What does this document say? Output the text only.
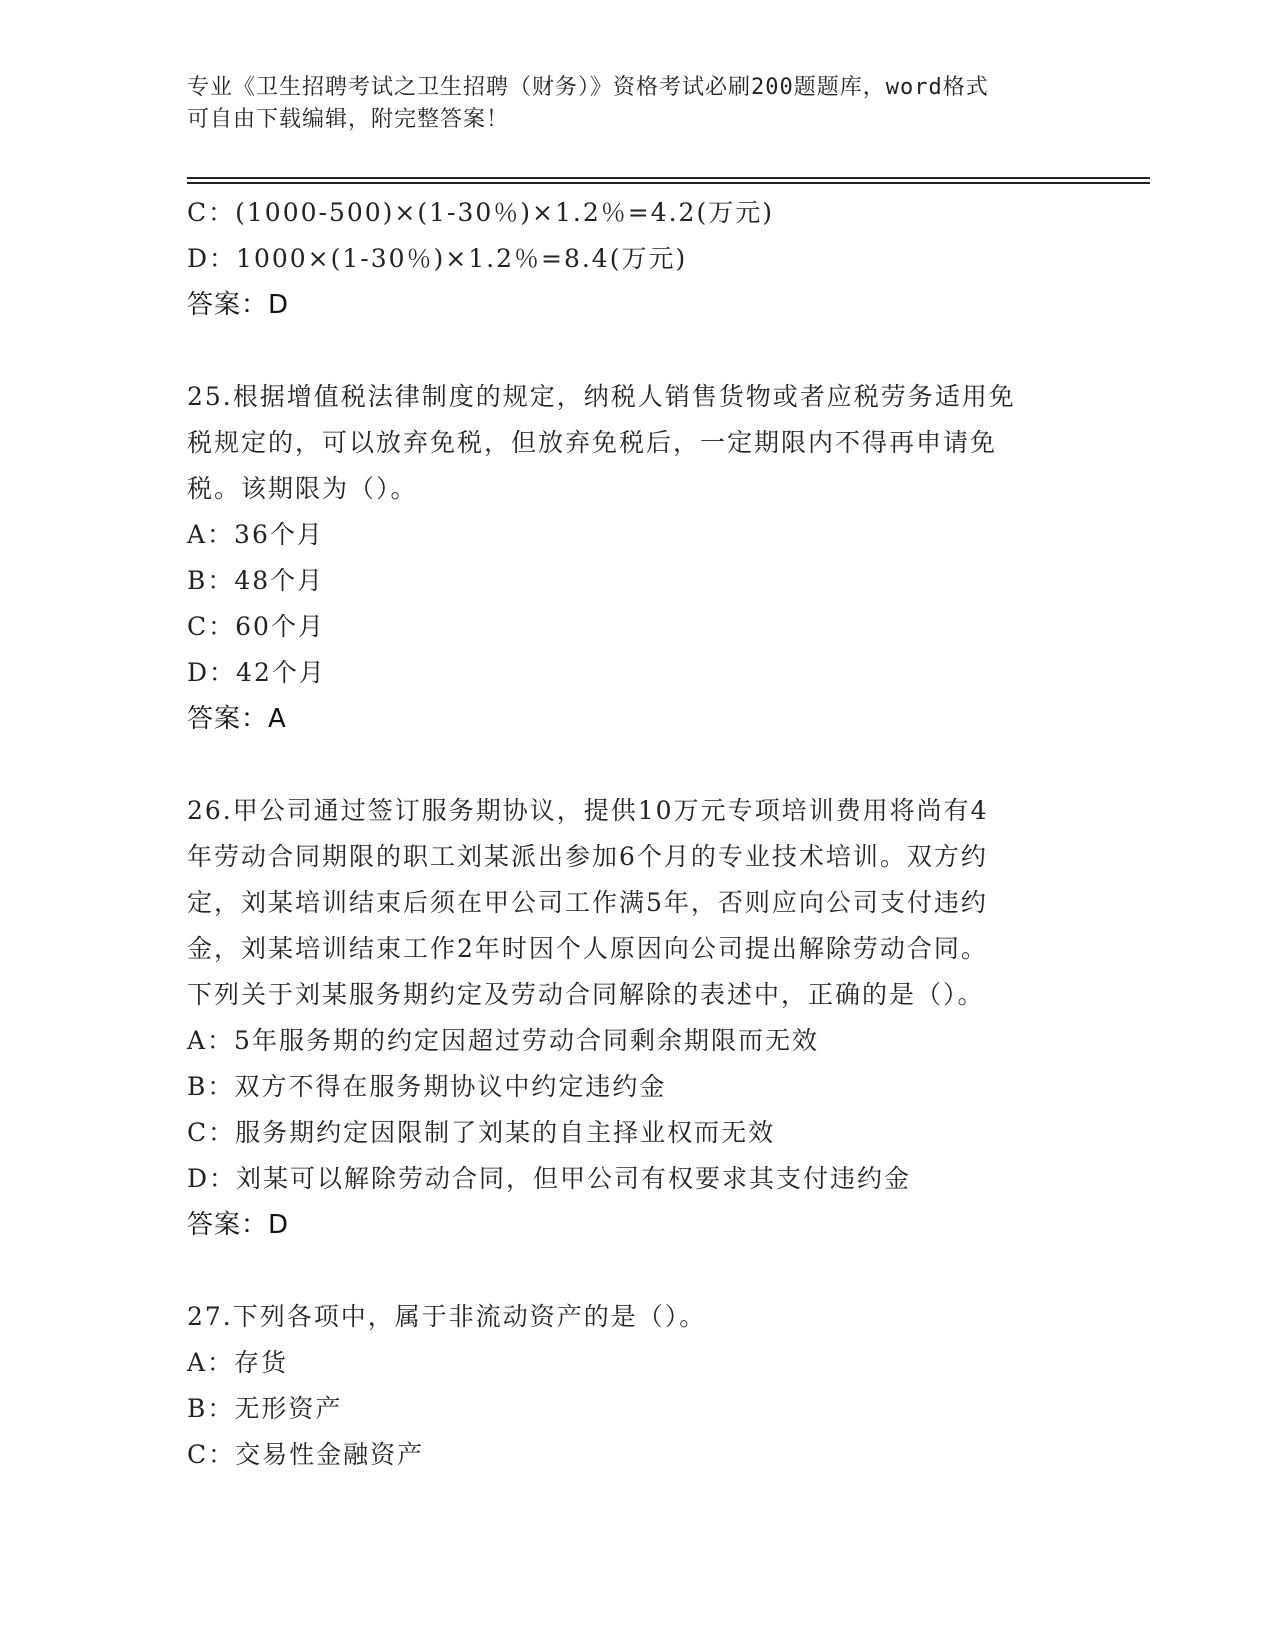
专业《卫生招聘考试之卫生招聘（财务）》资格考试必刷200题题库，word格式
可自由下载编辑，附完整答案！
C：(1000-500)×(1-30％)×1.2％=4.2(万元)
D：1000×(1-30％)×1.2％=8.4(万元)
答案：D
25.根据增值税法律制度的规定，纳税人销售货物或者应税劳务适用免
税规定的，可以放弃免税，但放弃免税后，一定期限内不得再申请免
税。该期限为（）。
A：36个月
B：48个月
C：60个月
D：42个月
答案：A
26.甲公司通过签订服务期协议，提供10万元专项培训费用将尚有4
年劳动合同期限的职工刘某派出参加6个月的专业技术培训。双方约
定，刘某培训结束后须在甲公司工作满5年，否则应向公司支付违约
金，刘某培训结束工作2年时因个人原因向公司提出解除劳动合同。
下列关于刘某服务期约定及劳动合同解除的表述中，正确的是（）。
A：5年服务期的约定因超过劳动合同剩余期限而无效
B：双方不得在服务期协议中约定违约金
C：服务期约定因限制了刘某的自主择业权而无效
D：刘某可以解除劳动合同，但甲公司有权要求其支付违约金
答案：D
27.下列各项中，属于非流动资产的是（）。
A：存货
B：无形资产
C：交易性金融资产
